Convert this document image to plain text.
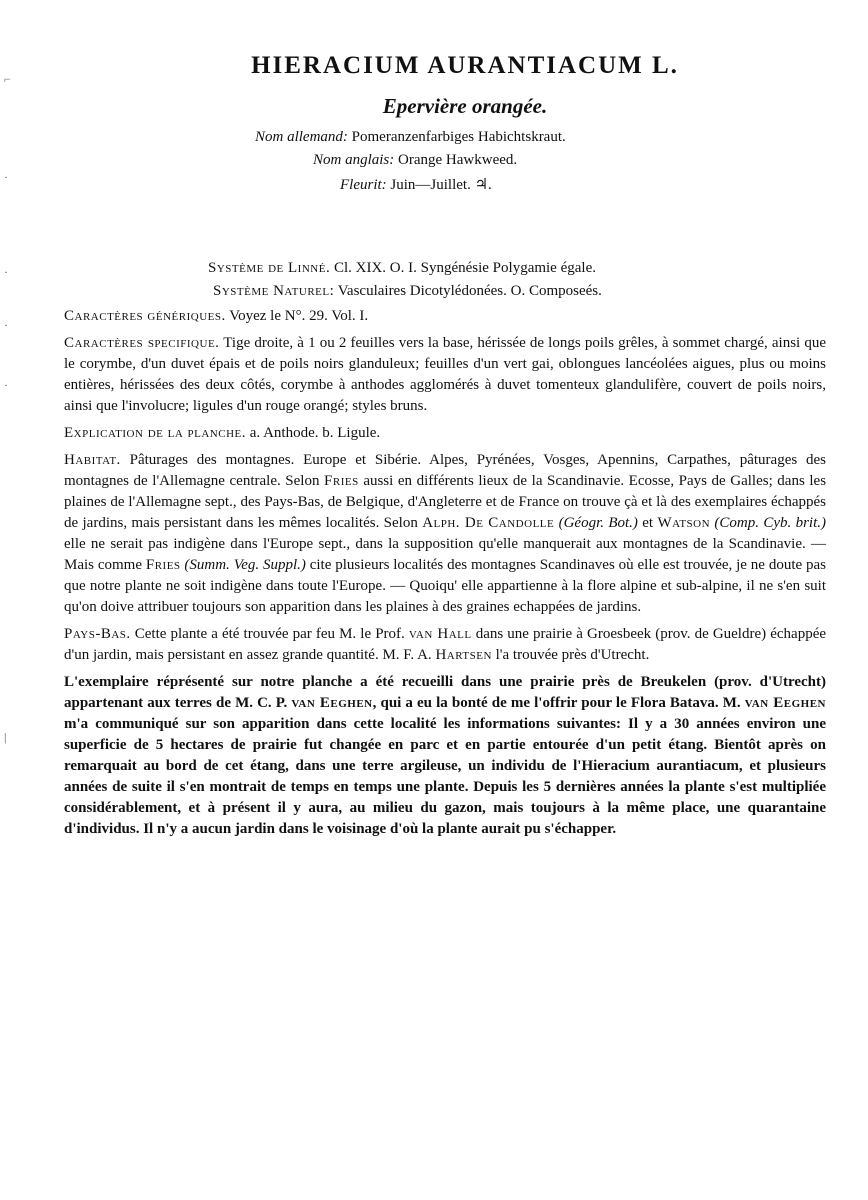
⌐
·
·
·
·
|
HIERACIUM AURANTIACUM L.
Epervière orangée.
Nom allemand: Pomeranzenfarbiges Habichtskraut.
Nom anglais: Orange Hawkweed.
Fleurit: Juin—Juillet. ♃.
Système de Linné. Cl. XIX. O. I. Syngénésie Polygamie égale.
Système Naturel: Vasculaires Dicotylédonées. O. Composeés.

Caractères génériques. Voyez le N°. 29. Vol. I.

Caractères specifique. Tige droite, à 1 ou 2 feuilles vers la base, hérissée de longs poils grêles, à sommet chargé, ainsi que le corymbe, d'un duvet épais et de poils noirs glanduleux; feuilles d'un vert gai, oblongues lancéolées aigues, plus ou moins entières, hérissées des deux côtés, corymbe à anthodes agglomérés à duvet tomenteux glandulifère, couvert de poils noirs, ainsi que l'involucre; ligules d'un rouge orangé; styles bruns.

Explication de la planche. a. Anthode. b. Ligule.

Habitat. Pâturages des montagnes. Europe et Sibérie. Alpes, Pyrénées, Vosges, Apennins, Carpathes, pâturages des montagnes de l'Allemagne centrale. Selon Fries aussi en différents lieux de la Scandinavie. Ecosse, Pays de Galles; dans les plaines de l'Allemagne sept., des Pays-Bas, de Belgique, d'Angleterre et de France on trouve çà et là des exemplaires échappés de jardins, mais persistant dans les mêmes localités. Selon Alph. De Candolle (Géogr. Bot.) et Watson (Comp. Cyb. brit.) elle ne serait pas indigène dans l'Europe sept., dans la supposition qu'elle manquerait aux montagnes de la Scandinavie. — Mais comme Fries (Summ. Veg. Suppl.) cite plusieurs localités des montagnes Scandinaves où elle est trouvée, je ne doute pas que notre plante ne soit indigène dans toute l'Europe. — Quoiqu' elle appartienne à la flore alpine et sub-alpine, il ne s'en suit qu'on doive attribuer toujours son apparition dans les plaines à des graines echappées de jardins.

Pays-Bas. Cette plante a été trouvée par feu M. le Prof. van Hall dans une prairie à Groesbeek (prov. de Gueldre) échappée d'un jardin, mais persistant en assez grande quantité. M. F. A. Hartsen l'a trouvée près d'Utrecht.

L'exemplaire réprésenté sur notre planche a été recueilli dans une prairie près de Breukelen (prov. d'Utrecht) appartenant aux terres de M. C. P. van Eeghen, qui a eu la bonté de me l'offrir pour le Flora Batava. M. van Eeghen m'a communiqué sur son apparition dans cette localité les informations suivantes: Il y a 30 années environ une superficie de 5 hectares de prairie fut changée en parc et en partie entourée d'un petit étang. Bientôt après on remarquait au bord de cet étang, dans une terre argileuse, un individu de l'Hieracium aurantiacum, et plusieurs années de suite il s'en montrait de temps en temps une plante. Depuis les 5 dernières années la plante s'est multipliée considérablement, et à présent il y aura, au milieu du gazon, mais toujours à la même place, une quarantaine d'individus. Il n'y a aucun jardin dans le voisinage d'où la plante aurait pu s'échapper.
